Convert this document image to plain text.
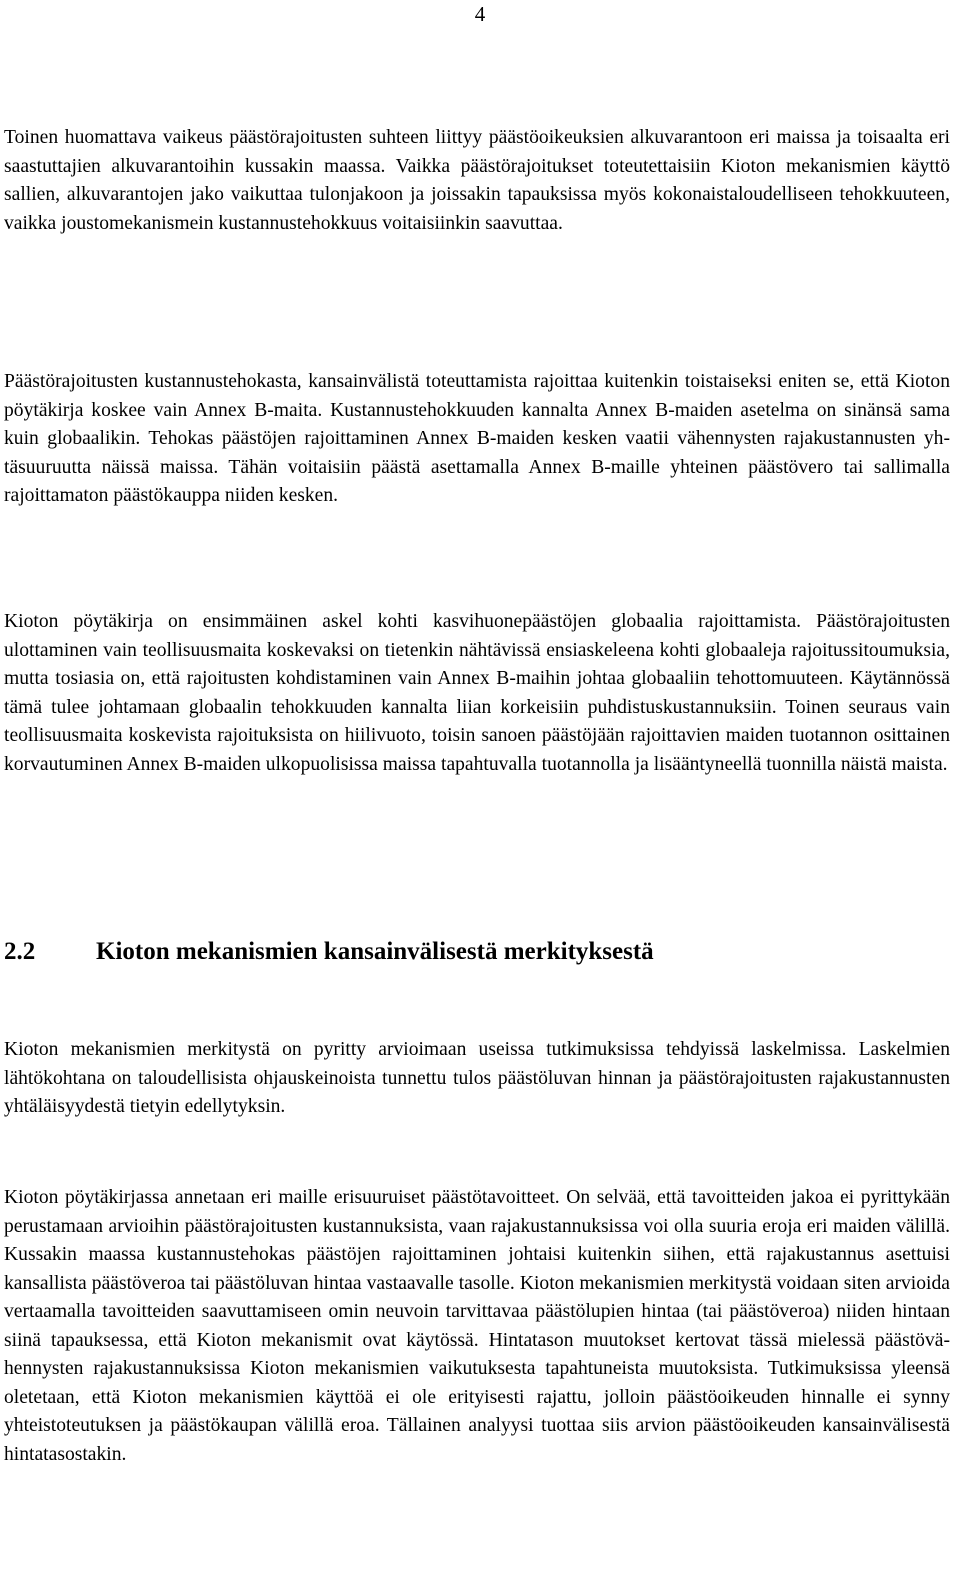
4

Toinen huomattava vaikeus päästörajoitusten suhteen liittyy päästöoikeuksien alkuvarantoon eri maissa ja toisaalta eri saastuttajien alkuvarantoihin kussakin maassa. Vaikka päästörajoitukset toteutettaisiin Kioton mekanismien käyttö sallien, alkuvarantojen jako vaikuttaa tulonjakoon ja joissakin tapauksissa myös kokonaistaloudelliseen tehokkuuteen, vaikka joustomekanismein kustannustehokkuus voitaisiinkin saavuttaa.

Päästörajoitusten kustannustehokasta, kansainvälistä toteuttamista rajoittaa kuitenkin toistaiseksi eniten se, että Kioton pöytäkirja koskee vain Annex B-maita. Kustannustehokkuuden kannalta Annex B-maiden asetelma on sinänsä sama kuin globaalikin. Tehokas päästöjen rajoittaminen Annex B-maiden kesken vaatii vähennysten rajakustannusten yhtäsuuruutta näissä maissa. Tähän voitaisiin päästä asettamalla Annex B-maille yhteinen päästövero tai sallimalla rajoittamaton päästökauppa niiden kesken.

Kioton pöytäkirja on ensimmäinen askel kohti kasvihuonepäästöjen globaalia rajoittamista. Päästörajoitusten ulottaminen vain teollisuusmaita koskevaksi on tietenkin nähtävissä ensiaskeleena kohti globaaleja rajoitussitoumuksia, mutta tosiasia on, että rajoitusten kohdistaminen vain Annex B-maihin johtaa globaaliin tehottomuuteen. Käytännössä tämä tulee johtamaan globaalin tehokkuuden kannalta liian korkeisiin puhdistuskustannuksiin. Toinen seuraus vain teollisuusmaita koskevista rajoituksista on hiilivuoto, toisin sanoen päästöjään rajoittavien maiden tuotannon osittainen korvautuminen Annex B-maiden ulkopuolisissa maissa tapahtuvalla tuotannolla ja lisääntyneellä tuonnilla näistä maista.

2.2 Kioton mekanismien kansainvälisestä merkityksestä

Kioton mekanismien merkitystä on pyritty arvioimaan useissa tutkimuksissa tehdyissä laskelmissa. Laskelmien lähtökohtana on taloudellisista ohjauskeinoista tunnettu tulos päästöluvan hinnan ja päästörajoitusten rajakustannusten yhtäläisyydestä tietyin edellytyksin.

Kioton pöytäkirjassa annetaan eri maille erisuuruiset päästötavoitteet. On selvää, että tavoitteiden jakoa ei pyrittykään perustamaan arvioihin päästörajoitusten kustannuksista, vaan rajakustannuksissa voi olla suuria eroja eri maiden välillä. Kussakin maassa kustannustehokas päästöjen rajoittaminen johtaisi kuitenkin siihen, että rajakustannus asettuisi kansallista päästöveroa tai päästöluvan hintaa vastaavalle tasolle. Kioton mekanismien merkitystä voidaan siten arvioida vertaamalla tavoitteiden saavuttamiseen omin neuvoin tarvittavaa päästölupien hintaa (tai päästöveroa) niiden hintaan siinä tapauksessa, että Kioton mekanismit ovat käytössä. Hintatason muutokset kertovat tässä mielessä päästövähennysten rajakustannuksissa Kioton mekanismien vaikutuksesta tapahtuneista muutoksista. Tutkimuksissa yleensä oletetaan, että Kioton mekanismien käyttöä ei ole erityisesti rajattu, jolloin päästöoikeuden hinnalle ei synny yhteistoteutuksen ja päästökaupan välillä eroa. Tällainen analyysi tuottaa siis arvion päästöoikeuden kansainvälisestä hintatasostakin.
